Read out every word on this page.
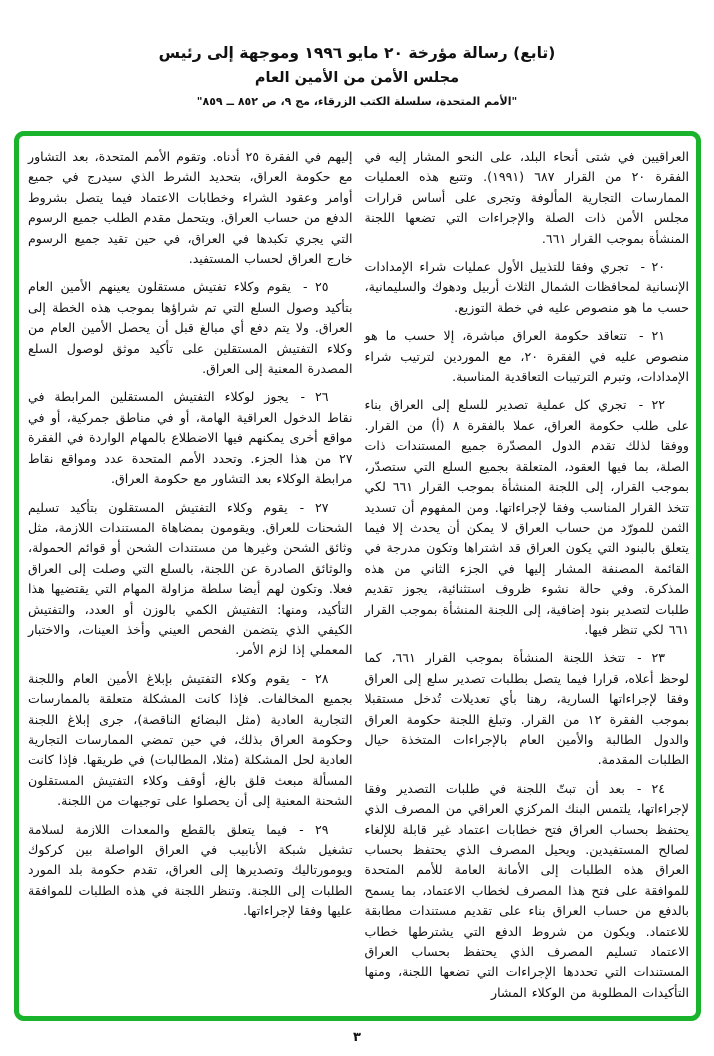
(تابع) رسالة مؤرخة ٢٠ مايو ١٩٩٦ وموجهة إلى رئيس
مجلس الأمن من الأمين العام
"الأمم المتحدة، سلسلة الكتب الزرقاء، مج ٩، ص ٨٥٢ ــ ٨٥٩"

العراقيين في شتى أنحاء البلد، على النحو المشار إليه في الفقرة ٢٠ من القرار ٦٨٧ (١٩٩١). وتتبع هذه العمليات الممارسات التجارية المألوفة وتجرى على أساس قرارات مجلس الأمن ذات الصلة والإجراءات التي تضعها اللجنة المنشأة بموجب القرار ٦٦١.

٢٠ -تجري وفقا للتذييل الأول عمليات شراء الإمدادات الإنسانية لمحافظات الشمال الثلاث أربيل ودهوك والسليمانية، حسب ما هو منصوص عليه في خطة التوزيع.

٢١ -تتعاقد حكومة العراق مباشرة، إلا حسب ما هو منصوص عليه في الفقرة ٢٠، مع الموردين لترتيب شراء الإمدادات، وتبرم الترتيبات التعاقدية المناسبة.

٢٢ -تجري كل عملية تصدير للسلع إلى العراق بناء على طلب حكومة العراق، عملا بالفقرة ٨ (أ) من القرار. ووفقا لذلك تقدم الدول المصدّرة جميع المستندات ذات الصلة، بما فيها العقود، المتعلقة بجميع السلع التي ستصدّر، بموجب القرار، إلى اللجنة المنشأة بموجب القرار ٦٦١ لكي تتخذ القرار المناسب وفقا لإجراءاتها. ومن المفهوم أن تسديد الثمن للمورّد من حساب العراق لا يمكن أن يحدث إلا فيما يتعلق بالبنود التي يكون العراق قد اشتراها وتكون مدرجة في القائمة المصنفة المشار إليها في الجزء الثاني من هذه المذكرة. وفي حالة نشوء ظروف استثنائية، يجوز تقديم طلبات لتصدير بنود إضافية، إلى اللجنة المنشأة بموجب القرار ٦٦١ لكي تنظر فيها.

٢٣ -تتخذ اللجنة المنشأة بموجب القرار ٦٦١، كما لوحظ أعلاه، قرارا فيما يتصل بطلبات تصدير سلع إلى العراق وفقا لإجراءاتها السارية، رهنا بأي تعديلات تُدخل مستقبلا بموجب الفقرة ١٢ من القرار. وتبلغ اللجنة حكومة العراق والدول الطالبة والأمين العام بالإجراءات المتخذة حيال الطلبات المقدمة.

٢٤ -بعد أن تبتّ اللجنة في طلبات التصدير وفقا لإجراءاتها، يلتمس البنك المركزي العراقي من المصرف الذي يحتفظ بحساب العراق فتح خطابات اعتماد غير قابلة للإلغاء لصالح المستفيدين. ويحيل المصرف الذي يحتفظ بحساب العراق هذه الطلبات إلى الأمانة العامة للأمم المتحدة للموافقة على فتح هذا المصرف لخطاب الاعتماد، بما يسمح بالدفع من حساب العراق بناء على تقديم مستندات مطابقة للاعتماد. ويكون من شروط الدفع التي يشترطها خطاب الاعتماد تسليم المصرف الذي يحتفظ بحساب العراق المستندات التي تحددها الإجراءات التي تضعها اللجنة، ومنها التأكيدات المطلوبة من الوكلاء المشار

إليهم في الفقرة ٢٥ أدناه. وتقوم الأمم المتحدة، بعد التشاور مع حكومة العراق، بتحديد الشرط الذي سيدرج في جميع أوامر وعقود الشراء وخطابات الاعتماد فيما يتصل بشروط الدفع من حساب العراق. ويتحمل مقدم الطلب جميع الرسوم التي يجري تكبدها في العراق، في حين تقيد جميع الرسوم خارج العراق لحساب المستفيد.

٢٥ -يقوم وكلاء تفتيش مستقلون يعينهم الأمين العام بتأكيد وصول السلع التي تم شراؤها بموجب هذه الخطة إلى العراق. ولا يتم دفع أي مبالغ قبل أن يحصل الأمين العام من وكلاء التفتيش المستقلين على تأكيد موثق لوصول السلع المصدرة المعنية إلى العراق.

٢٦ -يجوز لوكلاء التفتيش المستقلين المرابطة في نقاط الدخول العراقية الهامة، أو في مناطق جمركية، أو في مواقع أخرى يمكنهم فيها الاضطلاع بالمهام الواردة في الفقرة ٢٧ من هذا الجزء. وتحدد الأمم المتحدة عدد ومواقع نقاط مرابطة الوكلاء بعد التشاور مع حكومة العراق.

٢٧ -يقوم وكلاء التفتيش المستقلون بتأكيد تسليم الشحنات للعراق. ويقومون بمضاهاة المستندات اللازمة، مثل وثائق الشحن وغيرها من مستندات الشحن أو قوائم الحمولة، والوثائق الصادرة عن اللجنة، بالسلع التي وصلت إلى العراق فعلا. وتكون لهم أيضا سلطة مزاولة المهام التي يقتضيها هذا التأكيد، ومنها: التفتيش الكمي بالوزن أو العدد، والتفتيش الكيفي الذي يتضمن الفحص العيني وأخذ العينات، والاختبار المعملي إذا لزم الأمر.

٢٨ -يقوم وكلاء التفتيش بإبلاغ الأمين العام واللجنة بجميع المخالفات. فإذا كانت المشكلة متعلقة بالممارسات التجارية العادية (مثل البضائع الناقصة)، جرى إبلاغ اللجنة وحكومة العراق بذلك، في حين تمضي الممارسات التجارية العادية لحل المشكلة (مثلا، المطالبات) في طريقها. فإذا كانت المسألة مبعث قلق بالغ، أوقف وكلاء التفتيش المستقلون الشحنة المعنية إلى أن يحصلوا على توجيهات من اللجنة.

٢٩ -فيما يتعلق بالقطع والمعدات اللازمة لسلامة تشغيل شبكة الأنابيب في العراق الواصلة بين كركوك ويومورتاليك وتصديرها إلى العراق، تقدم حكومة بلد المورد الطلبات إلى اللجنة. وتنظر اللجنة في هذه الطلبات للموافقة عليها وفقا لإجراءاتها.

٣
